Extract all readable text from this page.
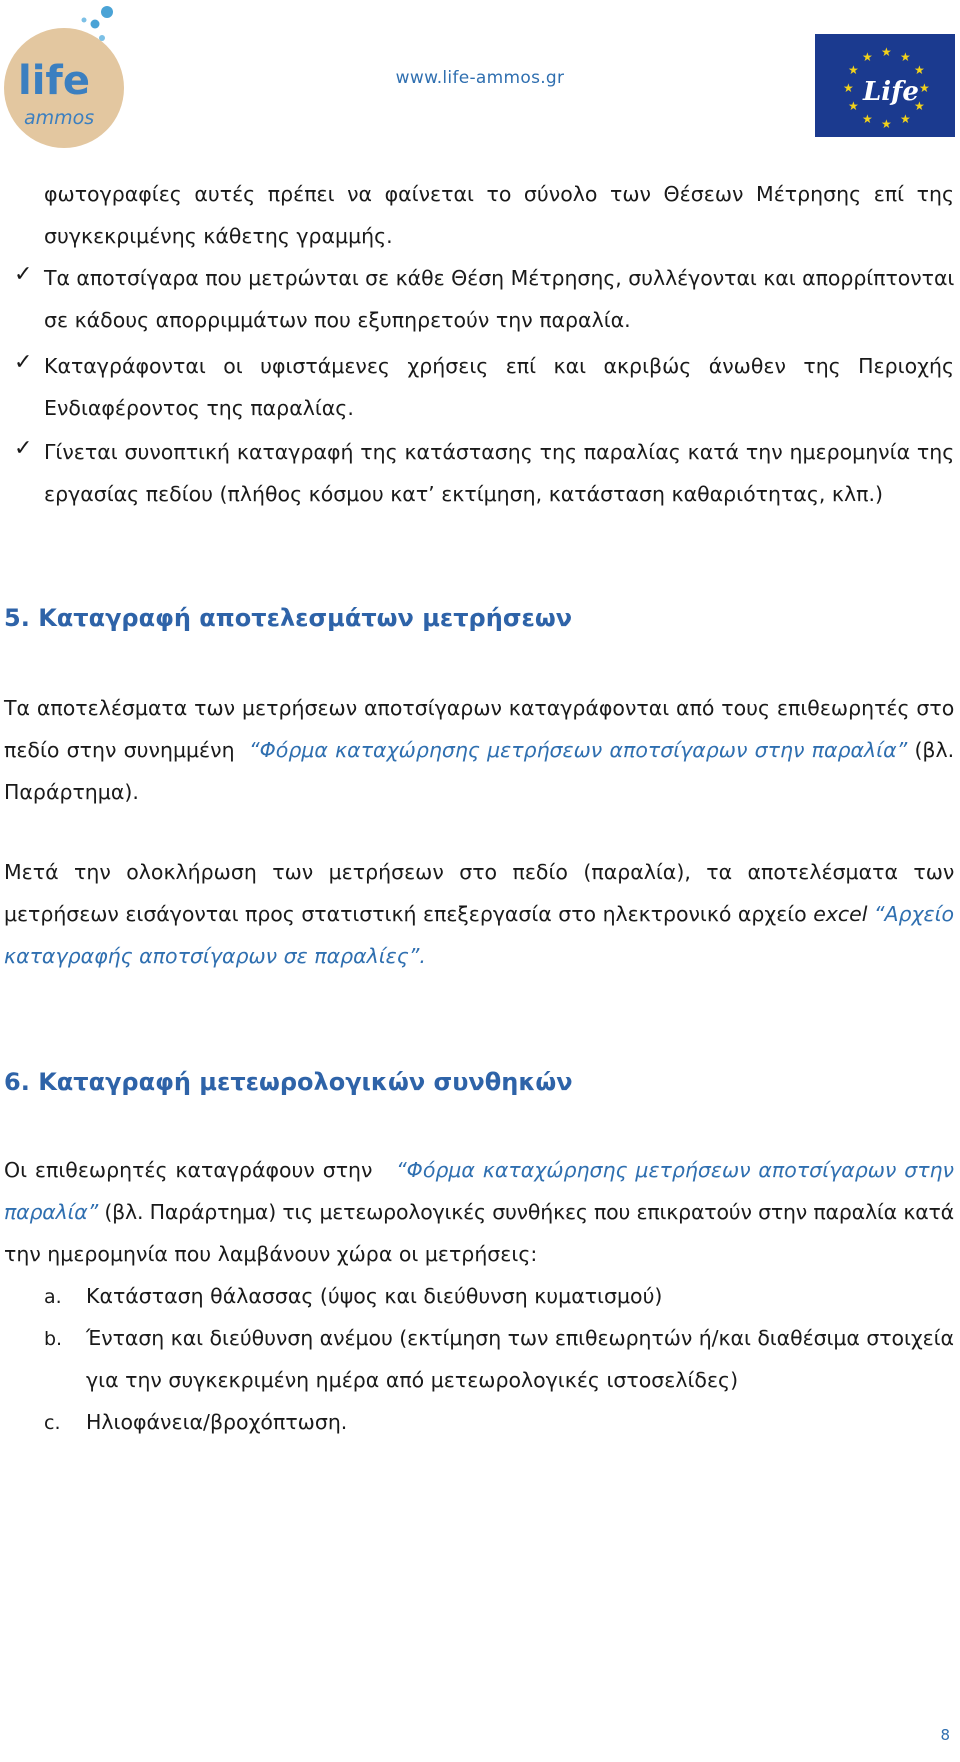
life
ammos
www.life-ammos.gr
★ ★
★
★
★
★
★
★
★
★
★
★
Life
φωτογραφίες αυτές πρέπει να φαίνεται το σύνολο των Θέσεων Μέτρησης επί της
συγκεκριμένης κάθετης γραμμής.
✓ Τα αποτσίγαρα που μετρώνται σε κάθε Θέση Μέτρησης, συλλέγονται και απορρίπτονται
σε κάδους απορριμμάτων που εξυπηρετούν την παραλία.
✓ Καταγράφονται οι υφιστάμενες χρήσεις επί και ακριβώς άνωθεν της Περιοχής
Ενδιαφέροντος της παραλίας.
✓ Γίνεται συνοπτική καταγραφή της κατάστασης της παραλίας κατά την ημερομηνία της
εργασίας πεδίου (πλήθος κόσμου κατ’ εκτίμηση, κατάσταση καθαριότητας, κλπ.)
5. Καταγραφή αποτελεσμάτων μετρήσεων
Τα αποτελέσματα των μετρήσεων αποτσίγαρων καταγράφονται από τους επιθεωρητές στο
πεδίο στην συνημμένη “Φόρμα καταχώρησης μετρήσεων αποτσίγαρων στην παραλία” (βλ.
Παράρτημα).
Μετά την ολοκλήρωση των μετρήσεων στο πεδίο (παραλία), τα αποτελέσματα των
μετρήσεων εισάγονται προς στατιστική επεξεργασία στο ηλεκτρονικό αρχείο excel “Αρχείο
καταγραφής αποτσίγαρων σε παραλίες”.
6. Καταγραφή μετεωρολογικών συνθηκών
Οι επιθεωρητές καταγράφουν στην “Φόρμα καταχώρησης μετρήσεων αποτσίγαρων στην
παραλία” (βλ. Παράρτημα) τις μετεωρολογικές συνθήκες που επικρατούν στην παραλία κατά
την ημερομηνία που λαμβάνουν χώρα οι μετρήσεις:
a. Κατάσταση θάλασσας (ύψος και διεύθυνση κυματισμού)
b. Ένταση και διεύθυνση ανέμου (εκτίμηση των επιθεωρητών ή/και διαθέσιμα στοιχεία
για την συγκεκριμένη ημέρα από μετεωρολογικές ιστοσελίδες)
c. Ηλιοφάνεια/βροχόπτωση.
8
